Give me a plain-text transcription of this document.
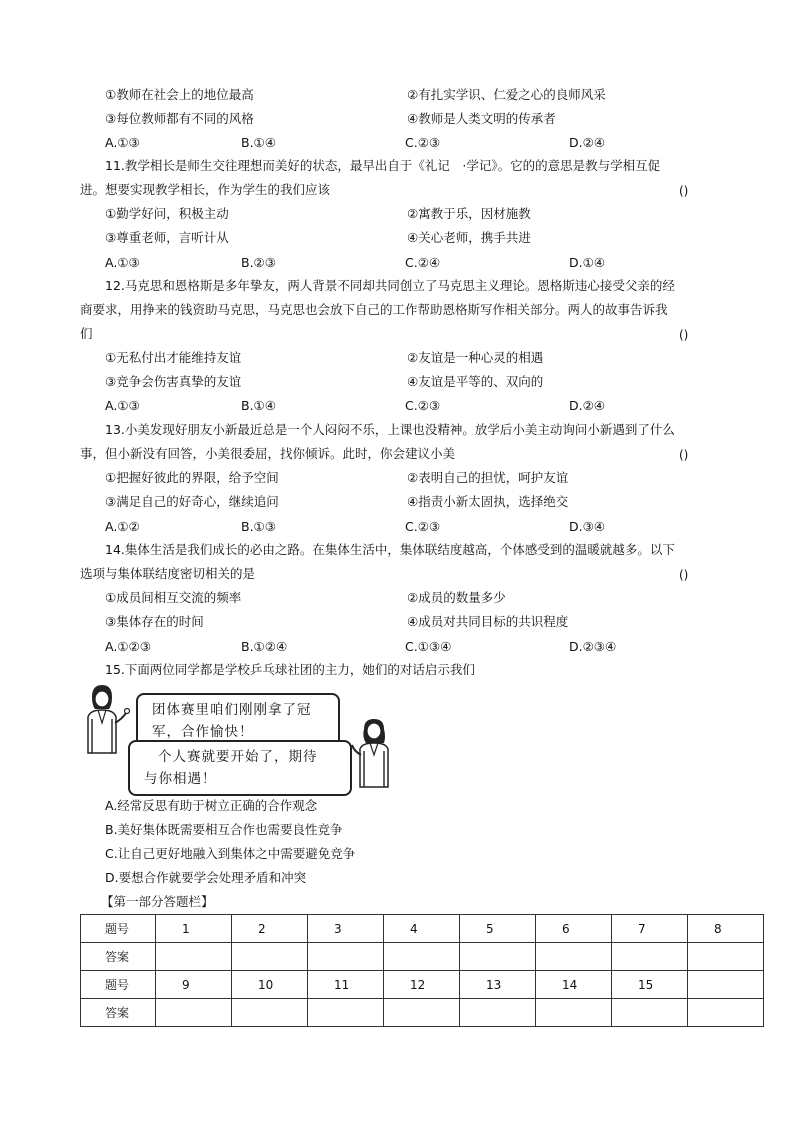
①教师在社会上的地位最高	②有扎实学识、仁爱之心的良师风采
③每位教师都有不同的风格	④教师是人类文明的传承者
A.①③	B.①④	C.②③	D.②④
11.教学相长是师生交往理想而美好的状态，最早出自于《礼记　·学记》。它的的意思是教与学相互促
进。想要实现教学相长，作为学生的我们应该	()
①勤学好问，积极主动	②寓教于乐，因材施教
③尊重老师，言听计从	④关心老师，携手共进
A.①③	B.②③	C.②④	D.①④
12.马克思和恩格斯是多年挚友，两人背景不同却共同创立了马克思主义理论。恩格斯违心接受父亲的经
商要求，用挣来的钱资助马克思，马克思也会放下自己的工作帮助恩格斯写作相关部分。两人的故事告诉我
们	()
①无私付出才能维持友谊	②友谊是一种心灵的相遇
③竞争会伤害真挚的友谊	④友谊是平等的、双向的
A.①③	B.①④	C.②③	D.②④
13.小美发现好朋友小新最近总是一个人闷闷不乐，上课也没精神。放学后小美主动询问小新遇到了什么
事，但小新没有回答，小美很委屈，找你倾诉。此时，你会建议小美	()
①把握好彼此的界限，给予空间	②表明自己的担忧，呵护友谊
③满足自己的好奇心，继续追问	④指责小新太固执，选择绝交
A.①②	B.①③	C.②③	D.③④
14.集体生活是我们成长的必由之路。在集体生活中，集体联结度越高，个体感受到的温暖就越多。以下
选项与集体联结度密切相关的是	()
①成员间相互交流的频率	②成员的数量多少
③集体存在的时间	④成员对共同目标的共识程度
A.①②③	B.①②④	C.①③④	D.②③④
15.下面两位同学都是学校乒乓球社团的主力，她们的对话启示我们
团体赛里咱们刚刚拿了冠
军，合作愉快！
个人赛就要开始了，期待
与你相遇！
A.经常反思有助于树立正确的合作观念
B.美好集体既需要相互合作也需要良性竞争
C.让自己更好地融入到集体之中需要避免竞争
D.要想合作就要学会处理矛盾和冲突
【第一部分答题栏】
题号	1	2	3	4	5	6	7	8
答案								
题号	9	10	11	12	13	14	15	
答案								
